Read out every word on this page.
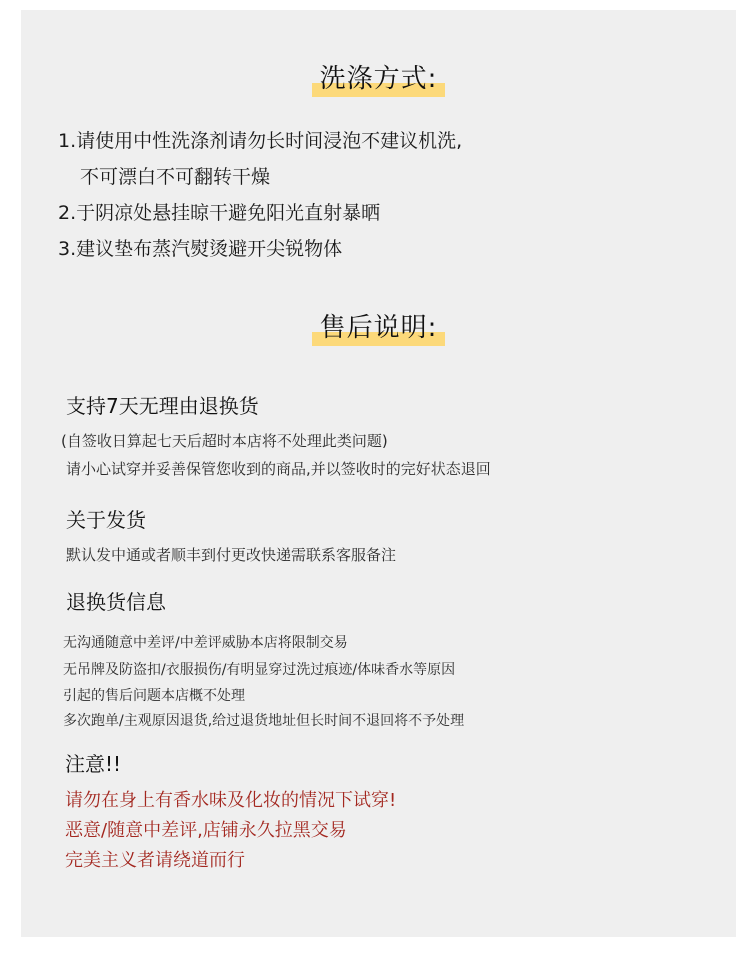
洗涤方式:
1.请使用中性洗涤剂请勿长时间浸泡不建议机洗,
不可漂白不可翻转干燥
2.于阴凉处悬挂晾干避免阳光直射暴晒
3.建议垫布蒸汽熨烫避开尖锐物体
售后说明:
支持7天无理由退换货
(自签收日算起七天后超时本店将不处理此类问题)
请小心试穿并妥善保管您收到的商品,并以签收时的完好状态退回
关于发货
默认发中通或者顺丰到付更改快递需联系客服备注
退换货信息
无沟通随意中差评/中差评威胁本店将限制交易
无吊牌及防盗扣/衣服损伤/有明显穿过洗过痕迹/体味香水等原因
引起的售后问题本店概不处理
多次跑单/主观原因退货,给过退货地址但长时间不退回将不予处理
注意!!
请勿在身上有香水味及化妆的情况下试穿!
恶意/随意中差评,店铺永久拉黑交易
完美主义者请绕道而行
